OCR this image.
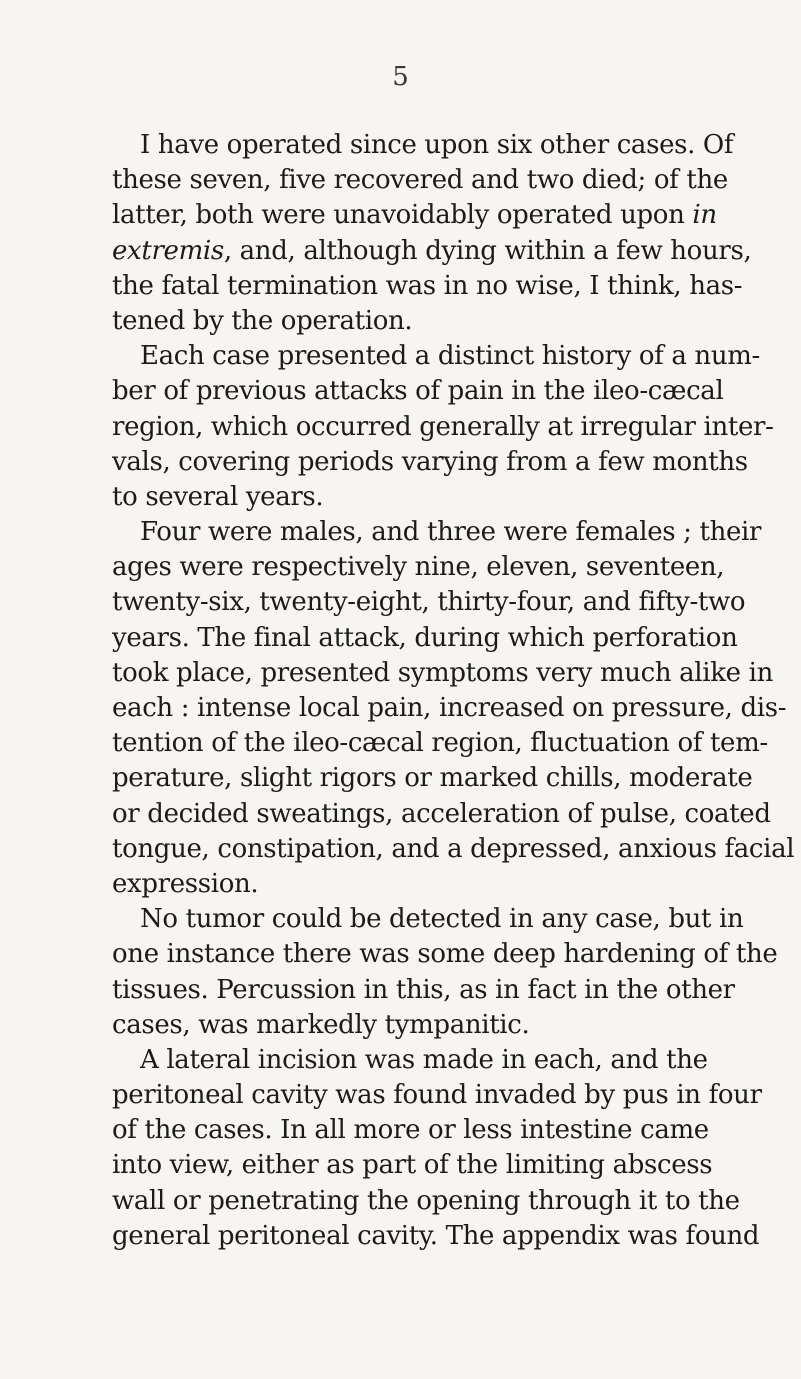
5
I have operated since upon six other cases. Of
these seven, five recovered and two died; of the
latter, both were unavoidably operated upon in
extremis, and, although dying within a few hours,
the fatal termination was in no wise, I think, has-
tened by the operation.
Each case presented a distinct history of a num-
ber of previous attacks of pain in the ileo-cæcal
region, which occurred generally at irregular inter-
vals, covering periods varying from a few months
to several years.
Four were males, and three were females ; their
ages were respectively nine, eleven, seventeen,
twenty-six, twenty-eight, thirty-four, and fifty-two
years. The final attack, during which perforation
took place, presented symptoms very much alike in
each : intense local pain, increased on pressure, dis-
tention of the ileo-cæcal region, fluctuation of tem-
perature, slight rigors or marked chills, moderate
or decided sweatings, acceleration of pulse, coated
tongue, constipation, and a depressed, anxious facial
expression.
No tumor could be detected in any case, but in
one instance there was some deep hardening of the
tissues. Percussion in this, as in fact in the other
cases, was markedly tympanitic.
A lateral incision was made in each, and the
peritoneal cavity was found invaded by pus in four
of the cases. In all more or less intestine came
into view, either as part of the limiting abscess
wall or penetrating the opening through it to the
general peritoneal cavity. The appendix was found
